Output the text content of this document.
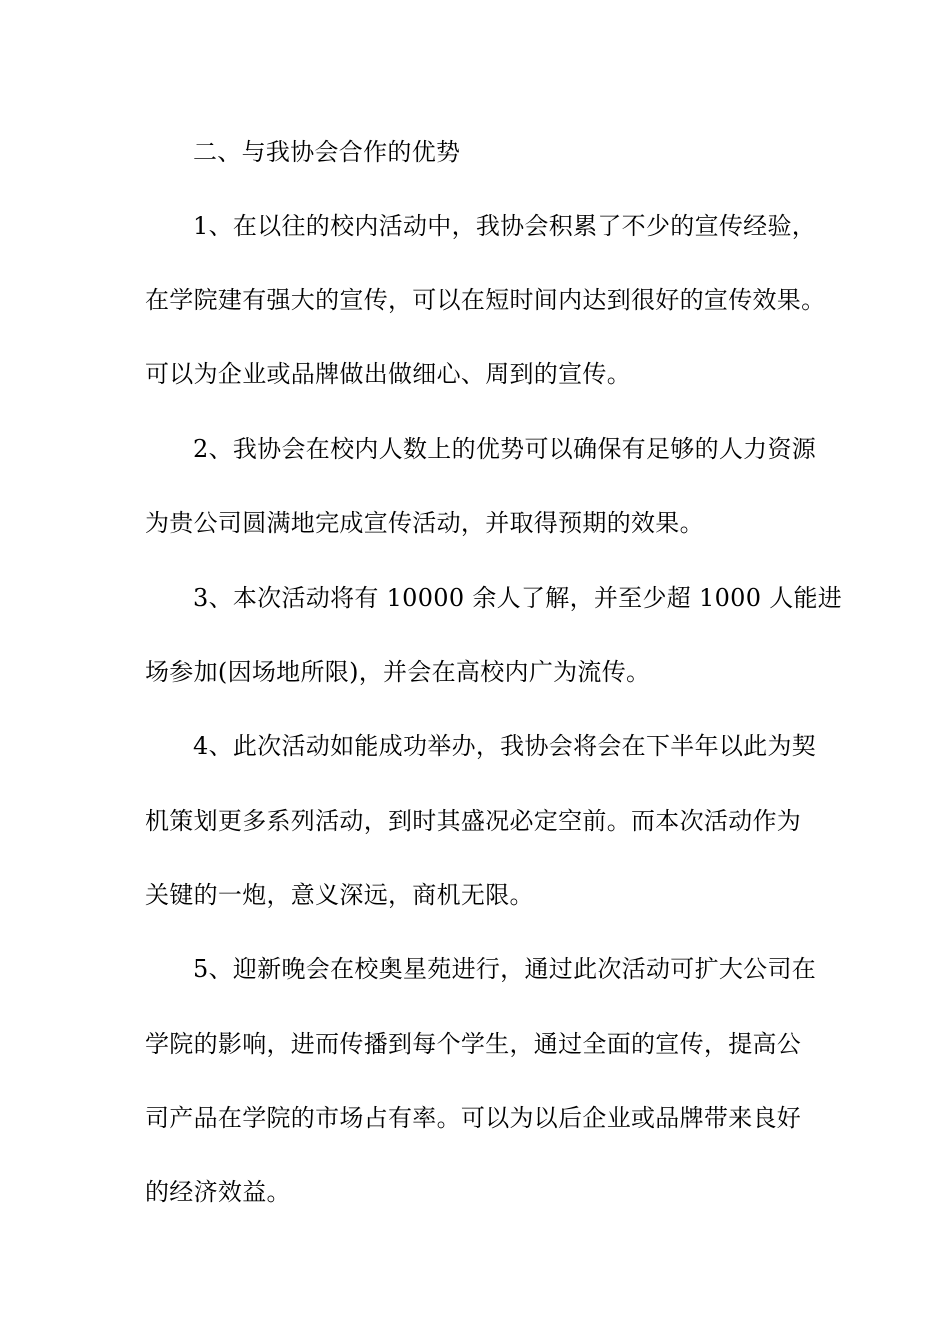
二、与我协会合作的优势
1、在以往的校内活动中，我协会积累了不少的宣传经验，
在学院建有强大的宣传，可以在短时间内达到很好的宣传效果。
可以为企业或品牌做出做细心、周到的宣传。
2、我协会在校内人数上的优势可以确保有足够的人力资源
为贵公司圆满地完成宣传活动，并取得预期的效果。
3、本次活动将有 10000 余人了解，并至少超 1000 人能进
场参加(因场地所限)，并会在高校内广为流传。
4、此次活动如能成功举办，我协会将会在下半年以此为契
机策划更多系列活动，到时其盛况必定空前。而本次活动作为
关键的一炮，意义深远，商机无限。
5、迎新晚会在校奥星苑进行，通过此次活动可扩大公司在
学院的影响，进而传播到每个学生，通过全面的宣传，提高公
司产品在学院的市场占有率。可以为以后企业或品牌带来良好
的经济效益。
